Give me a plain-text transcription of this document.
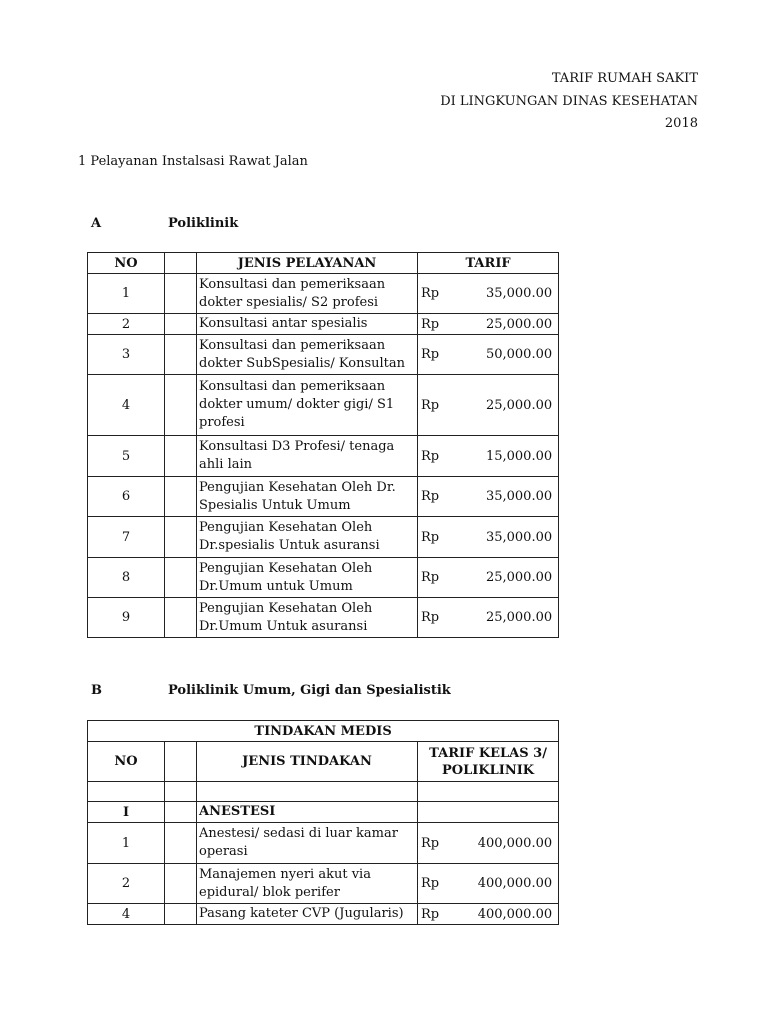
TARIF RUMAH SAKIT
DI LINGKUNGAN DINAS KESEHATAN
2018
1 Pelayanan Instalsasi Rawat Jalan
A	Poliklinik
NO		JENIS PELAYANAN	TARIF	
1		Konsultasi dan pemeriksaan dokter spesialis/ S2 profesi	Rp	35,000.00
2		Konsultasi antar spesialis	Rp	25,000.00
3		Konsultasi dan pemeriksaan dokter SubSpesialis/ Konsultan	Rp	50,000.00
4		Konsultasi dan pemeriksaan dokter umum/ dokter gigi/ S1 profesi	Rp	25,000.00
5		Konsultasi D3 Profesi/ tenaga ahli lain	Rp	15,000.00
6		Pengujian Kesehatan Oleh Dr. Spesialis Untuk Umum	Rp	35,000.00
7		Pengujian Kesehatan Oleh Dr.spesialis Untuk asuransi	Rp	35,000.00
8		Pengujian Kesehatan Oleh Dr.Umum untuk Umum	Rp	25,000.00
9		Pengujian Kesehatan Oleh Dr.Umum Untuk asuransi	Rp	25,000.00
B	Poliklinik Umum, Gigi dan Spesialistik
TINDAKAN MEDIS				
NO		JENIS TINDAKAN	TARIF KELAS 3/
POLIKLINIK	

I		ANESTESI		
1		Anestesi/ sedasi di luar kamar operasi	Rp	400,000.00
2		Manajemen nyeri akut via epidural/ blok perifer	Rp	400,000.00
4		Pasang kateter CVP (Jugularis)	Rp	400,000.00
